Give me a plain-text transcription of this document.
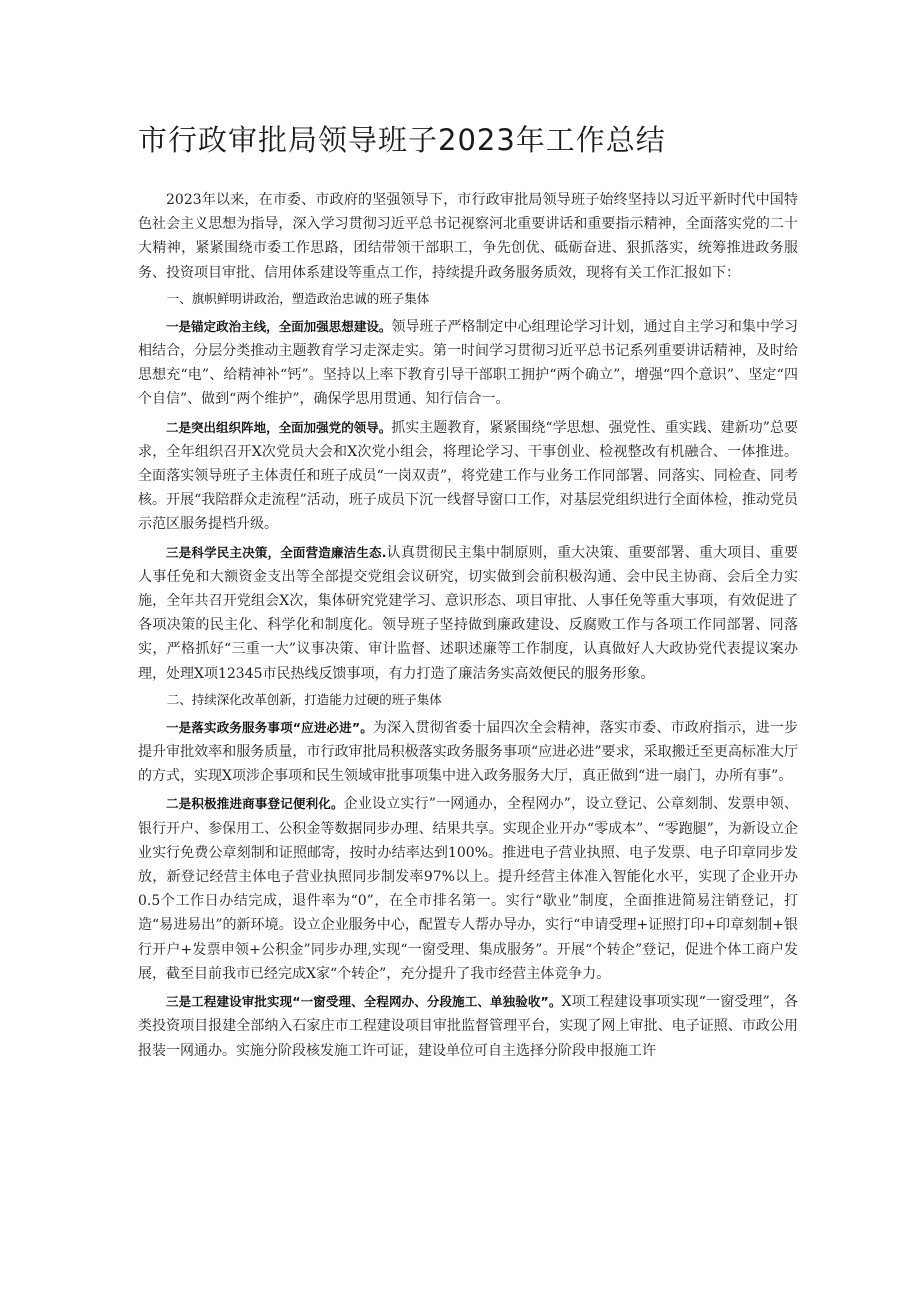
市行政审批局领导班子2023年工作总结

2023年以来，在市委、市政府的坚强领导下，市行政审批局领导班子始终坚持以习近平新时代中国特色社会主义思想为指导，深入学习贯彻习近平总书记视察河北重要讲话和重要指示精神，全面落实党的二十大精神，紧紧围绕市委工作思路，团结带领干部职工，争先创优、砥砺奋进、狠抓落实，统筹推进政务服务、投资项目审批、信用体系建设等重点工作，持续提升政务服务质效，现将有关工作汇报如下：

一、旗帜鲜明讲政治，塑造政治忠诚的班子集体

一是锚定政治主线，全面加强思想建设。领导班子严格制定中心组理论学习计划，通过自主学习和集中学习相结合，分层分类推动主题教育学习走深走实。第一时间学习贯彻习近平总书记系列重要讲话精神，及时给思想充“电”、给精神补“钙”。坚持以上率下教育引导干部职工拥护“两个确立”，增强“四个意识”、坚定“四个自信”、做到“两个维护”，确保学思用贯通、知行信合一。

二是突出组织阵地，全面加强党的领导。抓实主题教育，紧紧围绕“学思想、强党性、重实践、建新功”总要求，全年组织召开X次党员大会和X次党小组会，将理论学习、干事创业、检视整改有机融合、一体推进。全面落实领导班子主体责任和班子成员“一岗双责”，将党建工作与业务工作同部署、同落实、同检查、同考核。开展“我陪群众走流程”活动，班子成员下沉一线督导窗口工作，对基层党组织进行全面体检，推动党员示范区服务提档升级。

三是科学民主决策，全面营造廉洁生态.认真贯彻民主集中制原则，重大决策、重要部署、重大项目、重要人事任免和大额资金支出等全部提交党组会议研究，切实做到会前积极沟通、会中民主协商、会后全力实施，全年共召开党组会X次，集体研究党建学习、意识形态、项目审批、人事任免等重大事项，有效促进了各项决策的民主化、科学化和制度化。领导班子坚持做到廉政建设、反腐败工作与各项工作同部署、同落实，严格抓好“三重一大”议事决策、审计监督、述职述廉等工作制度，认真做好人大政协党代表提议案办理，处理X项12345市民热线反馈事项，有力打造了廉洁务实高效便民的服务形象。

二、持续深化改革创新，打造能力过硬的班子集体

一是落实政务服务事项“应进必进”。为深入贯彻省委十届四次全会精神，落实市委、市政府指示，进一步提升审批效率和服务质量，市行政审批局积极落实政务服务事项“应进必进”要求，采取搬迁至更高标准大厅的方式，实现X项涉企事项和民生领域审批事项集中进入政务服务大厅，真正做到“进一扇门，办所有事”。

二是积极推进商事登记便利化。企业设立实行”一网通办，全程网办”，设立登记、公章刻制、发票申领、银行开户、参保用工、公积金等数据同步办理、结果共享。实现企业开办“零成本”、“零跑腿”，为新设立企业实行免费公章刻制和证照邮寄，按时办结率达到100%。推进电子营业执照、电子发票、电子印章同步发放，新登记经营主体电子营业执照同步制发率97%以上。提升经营主体准入智能化水平，实现了企业开办0.5个工作日办结完成，退件率为“0”，在全市排名第一。实行“歇业”制度，全面推进简易注销登记，打造“易进易出”的新环境。设立企业服务中心，配置专人帮办导办，实行“申请受理+证照打印+印章刻制+银行开户+发票申领+公积金”同步办理,实现“一窗受理、集成服务”。开展“个转企”登记，促进个体工商户发展，截至目前我市已经完成X家“个转企”，充分提升了我市经营主体竞争力。

三是工程建设审批实现“一窗受理、全程网办、分段施工、单独验收”。X项工程建设事项实现“一窗受理”，各类投资项目报建全部纳入石家庄市工程建设项目审批监督管理平台，实现了网上审批、电子证照、市政公用报装一网通办。实施分阶段核发施工许可证，建设单位可自主选择分阶段申报施工许
